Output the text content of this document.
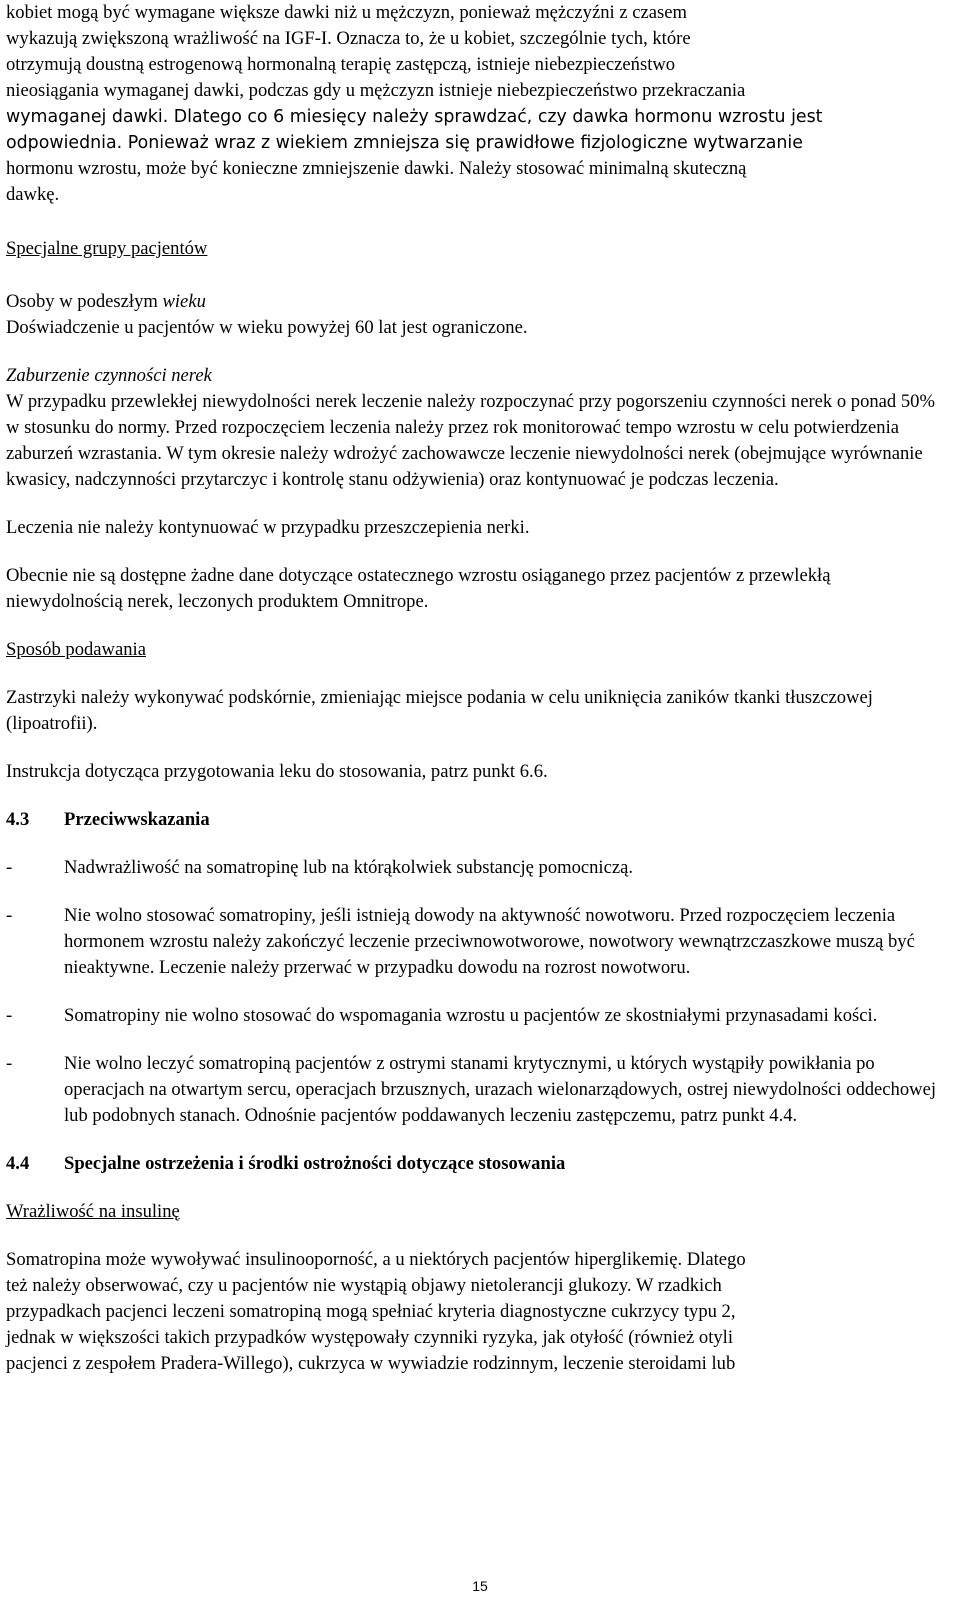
kobiet mogą być wymagane większe dawki niż u mężczyzn, ponieważ mężczyźni z czasem
wykazują zwiększoną wrażliwość na IGF-I. Oznacza to, że u kobiet, szczególnie tych, które
otrzymują doustną estrogenową hormonalną terapię zastępczą, istnieje niebezpieczeństwo
nieosiągania wymaganej dawki, podczas gdy u mężczyzn istnieje niebezpieczeństwo przekraczania
wymaganej dawki. Dlatego co 6 miesięcy należy sprawdzać, czy dawka hormonu wzrostu jest
odpowiednia. Ponieważ wraz z wiekiem zmniejsza się prawidłowe fizjologiczne wytwarzanie
hormonu wzrostu, może być konieczne zmniejszenie dawki. Należy stosować minimalną skuteczną
dawkę.

Specjalne grupy pacjentów

Osoby w podeszłym wieku
Doświadczenie u pacjentów w wieku powyżej 60 lat jest ograniczone.

Zaburzenie czynności nerek

W przypadku przewlekłej niewydolności nerek leczenie należy rozpoczynać przy pogorszeniu czynności nerek o ponad 50% w stosunku do normy. Przed rozpoczęciem leczenia należy przez rok monitorować tempo wzrostu w celu potwierdzenia zaburzeń wzrastania. W tym okresie należy wdrożyć zachowawcze leczenie niewydolności nerek (obejmujące wyrównanie kwasicy, nadczynności przytarczyc i kontrolę stanu odżywienia) oraz kontynuować je podczas leczenia.

Leczenia nie należy kontynuować w przypadku przeszczepienia nerki.

Obecnie nie są dostępne żadne dane dotyczące ostatecznego wzrostu osiąganego przez pacjentów z przewlekłą niewydolnością nerek, leczonych produktem Omnitrope.

Sposób podawania

Zastrzyki należy wykonywać podskórnie, zmieniając miejsce podania w celu uniknięcia zaników tkanki tłuszczowej (lipoatrofii).

Instrukcja dotycząca przygotowania leku do stosowania, patrz punkt 6.6.

4.3	Przeciwwskazania
-	Nadwrażliwość na somatropinę lub na którąkolwiek substancję pomocniczą.
-	Nie wolno stosować somatropiny, jeśli istnieją dowody na aktywność nowotworu. Przed rozpoczęciem leczenia hormonem wzrostu należy zakończyć leczenie przeciwnowotworowe, nowotwory wewnątrzczaszkowe muszą być nieaktywne. Leczenie należy przerwać w przypadku dowodu na rozrost nowotworu.
-	Somatropiny nie wolno stosować do wspomagania wzrostu u pacjentów ze skostniałymi przynasadami kości.
-	Nie wolno leczyć somatropiną pacjentów z ostrymi stanami krytycznymi, u których wystąpiły powikłania po operacjach na otwartym sercu, operacjach brzusznych, urazach wielonarządowych, ostrej niewydolności oddechowej lub podobnych stanach. Odnośnie pacjentów poddawanych leczeniu zastępczemu, patrz punkt 4.4.
4.4	Specjalne ostrzeżenia i środki ostrożności dotyczące stosowania

Wrażliwość na insulinę

Somatropina może wywoływać insulinooporność, a u niektórych pacjentów hiperglikemię. Dlatego
też należy obserwować, czy u pacjentów nie wystąpią objawy nietolerancji glukozy. W rzadkich
przypadkach pacjenci leczeni somatropiną mogą spełniać kryteria diagnostyczne cukrzycy typu 2,
jednak w większości takich przypadków występowały czynniki ryzyka, jak otyłość (również otyli
pacjenci z zespołem Pradera-Willego), cukrzyca w wywiadzie rodzinnym, leczenie steroidami lub

15
